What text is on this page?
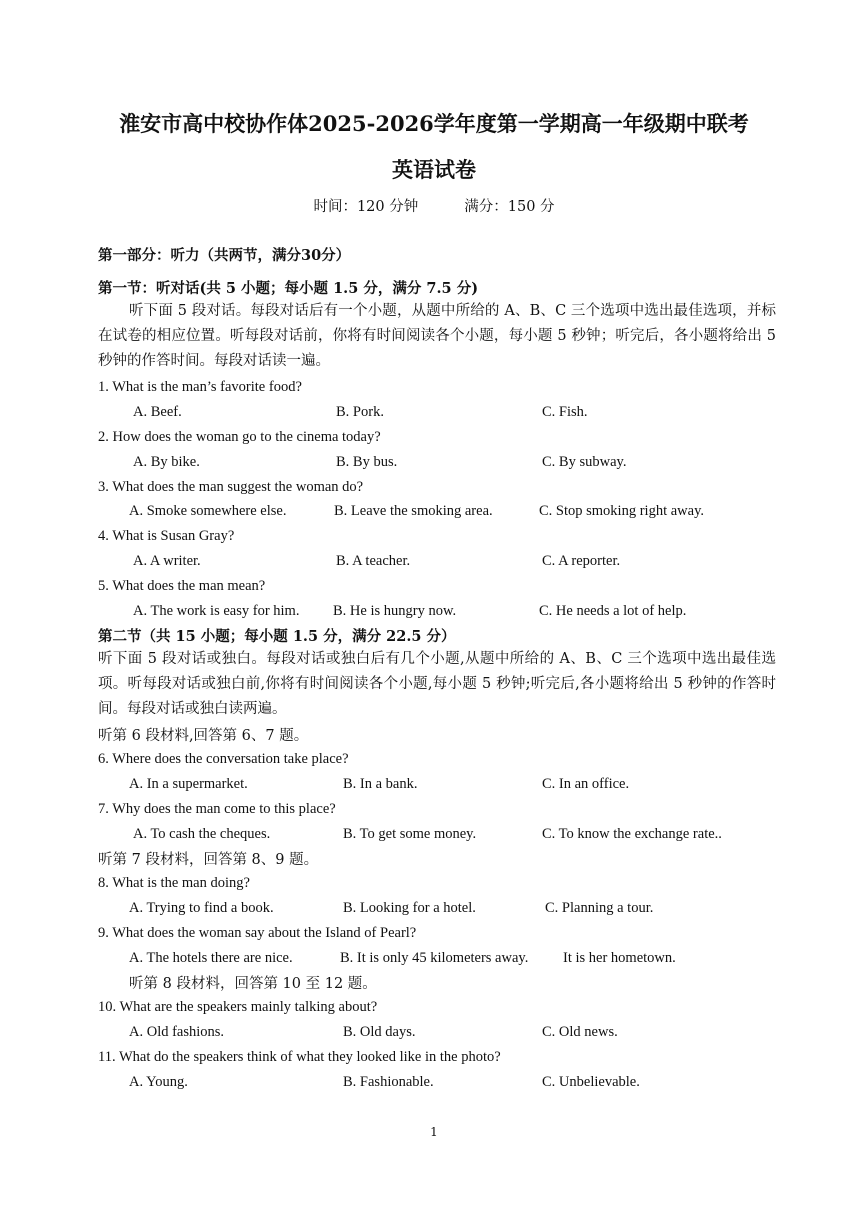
淮安市高中校协作体2025-2026学年度第一学期高一年级期中联考
英语试卷
时间：120 分钟	满分：150 分
第一部分：听力（共两节，满分30分）
第一节：听对话(共 5 小题；每小题 1.5 分，满分 7.5 分)
听下面 5 段对话。每段对话后有一个小题，从题中所给的 A、B、C 三个选项中选出最佳选项，并标在试卷的相应位置。听每段对话前，你将有时间阅读各个小题，每小题 5 秒钟；听完后，各小题将给出 5 秒钟的作答时间。每段对话读一遍。
1. What is the man’s favorite food?
A. Beef.	B. Pork.	C. Fish.
2. How does the woman go to the cinema today?
A. By bike.	B. By bus.	C. By subway.
3. What does the man suggest the woman do?
A. Smoke somewhere else.	B. Leave the smoking area.	C. Stop smoking right away.
4. What is Susan Gray?
A. A writer.	B. A teacher.	C. A reporter.
5. What does the man mean?
A. The work is easy for him. B. He is hungry now.	C. He needs a lot of help.
第二节（共 15 小题；每小题 1.5 分，满分 22.5 分）
听下面 5 段对话或独白。每段对话或独白后有几个小题,从题中所给的 A、B、C 三个选项中选出最佳选项。听每段对话或独白前,你将有时间阅读各个小题,每小题 5 秒钟;听完后,各小题将给出 5 秒钟的作答时间。每段对话或独白读两遍。
听第 6 段材料,回答第 6、7 题。
6. Where does the conversation take place?
A. In a supermarket.	B. In a bank.	C. In an office.
7. Why does the man come to this place?
A. To cash the cheques.	B. To get some money.	C. To know the exchange rate..
听第 7 段材料，回答第 8、9 题。
8. What is the man doing?
A. Trying to find a book.	B. Looking for a hotel.	C. Planning a tour.
9. What does the woman say about the Island of Pearl?
A. The hotels there are nice.	B. It is only 45 kilometers away. It is her hometown.
听第 8 段材料，回答第 10 至 12 题。
10. What are the speakers mainly talking about?
A. Old fashions.	B. Old days.	C. Old news.
11. What do the speakers think of what they looked like in the photo?
A. Young.	B. Fashionable.	C. Unbelievable.
1
